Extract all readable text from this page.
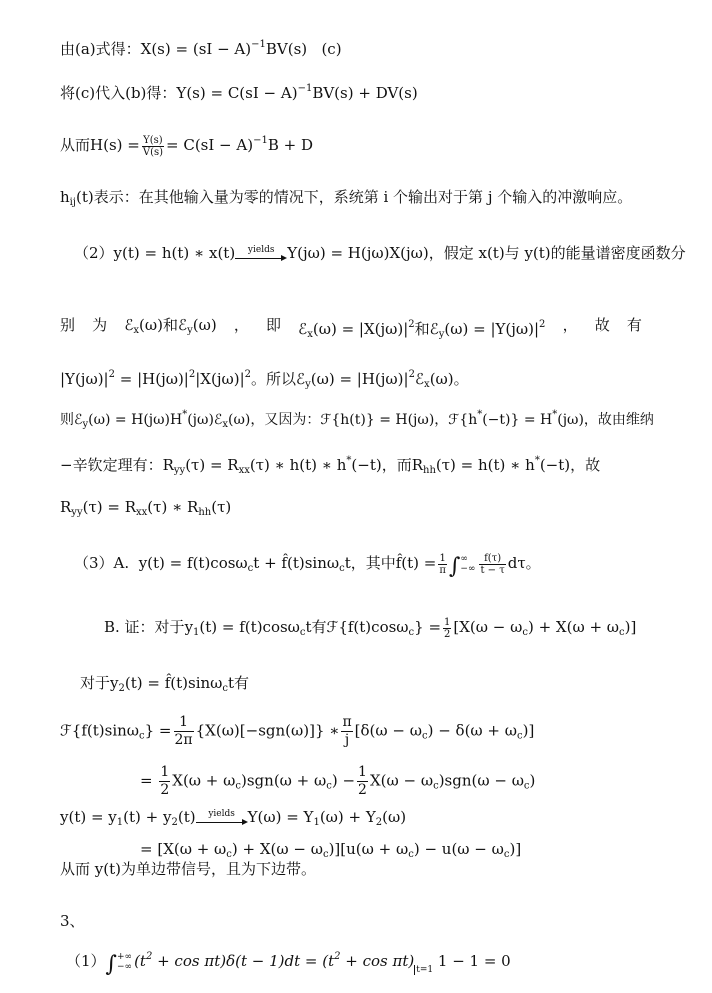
由(a)式得：X(s) = (sI − A)$^{-1}$BV(s) (c)
将(c)代入(b)得：Y(s) = C(sI − A)$^{-1}$BV(s) + DV(s)
从而$H(s) = \frac{Y(s)}{V(s)} = C(sI - A)^{-1}B + D$
$h_{ij}(t)$表示：在其他输入量为零的情况下，系统第 i 个输出对于第 j 个输入的冲激响应。
（2）y(t) = h(t) ∗ x(t)	yields Y(jω) = H(jω)X(jω)，假定 x(t)与 y(t)的能量谱密度函数分
别 为 ℰ$_x$(ω)和ℰ$_y$(ω) ， 即 ℰ$_x$(ω) = $|X(j\omega)|^2$和ℰ$_y$(ω) = $|Y(j\omega)|^2$ ， 故 有
$|Y(j\omega)|^2 = |H(j\omega)|^2|X(j\omega)|^2$。所以ℰ$_y$(ω) = $|H(j\omega)|^2ℰ_x(\omega)$。
则ℰ$_y$(ω) = H(jω)H*(jω)ℰ$_x$(ω)，又因为：ℱ{h(t)} = H(jω)，ℱ{h*(−t)} = H*(jω)，故由维纳
−辛钦定理有：$R_{yy}(\tau) = R_{xx}(\tau)$ ∗ h(t) ∗ h*(−t)，而$R_{hh}(\tau) = h(t)$ ∗ h*(−t)，故
$R_{yy}(\tau) = R_{xx}(\tau)$ ∗ $R_{hh}(\tau)$
（3）A. y(t) = f(t)cosω$_c$t + f̂(t)sinω$_c$t，其中f̂(t) = $\frac{1}{\pi}$ ∫ ∞
−∞ $\frac{f(\tau)}{t - \tau}$ dτ。
B. 证：对于$y_1(t) = f(t)\cos\omega_ct$有ℱ{f(t)cosω$_c$} = $\frac{1}{2} [X(\omega - \omega_c) + X(\omega + \omega_c)]$
对于$y_2(t)$ = f̂(t)sinω$_c$t有
ℱ{f(t)sinω$_c$} = $\frac{1}{2\pi} \{X(\omega)[-sgn(\omega)]\}$ ∗ $\frac{\pi}{j} [\delta(\omega - \omega_c) - \delta(\omega + \omega_c)]$
= $\frac{1}{2} X(\omega + \omega_c)sgn(\omega + \omega_c) - \frac{1}{2} X(\omega - \omega_c)sgn(\omega - \omega_c)$
$y(t) = y_1(t) + y_2(t)$	yields $Y(\omega) = Y_1(\omega) + Y_2(\omega)$
= $[X(\omega + \omega_c) + X(\omega - \omega_c)][u(\omega + \omega_c) - u(\omega - \omega_c)]$
从而 y(t)为单边带信号，且为下边带。
3、
（1）∫ +∞
−∞ $(t^2 + \cos \pi t)\delta(t - 1)dt = (t^2 + \cos \pi t)$ $_{t=1}$ 1 − 1 = 0
